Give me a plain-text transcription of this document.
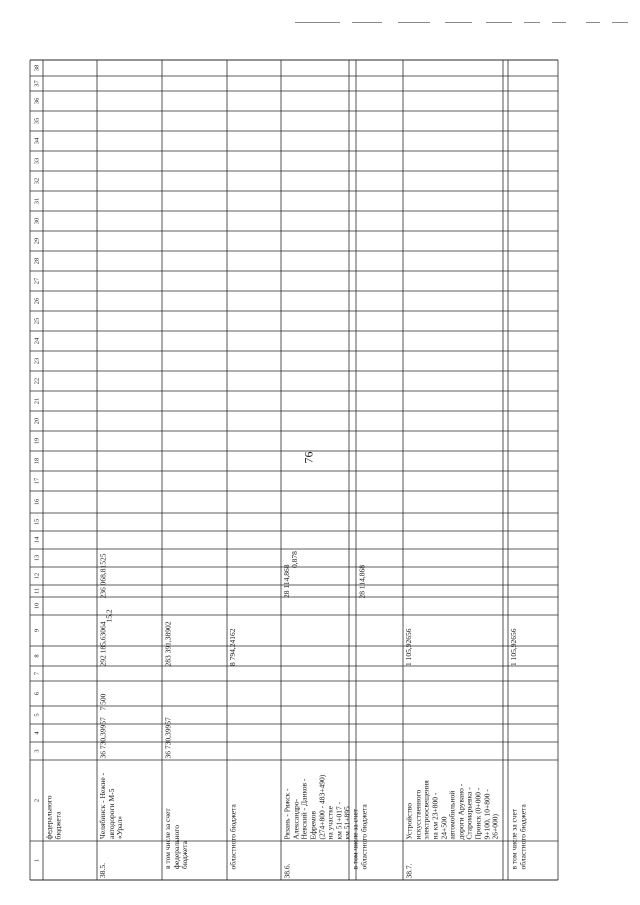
76
1
2
3
4
5
6
7
8
9
10
11
12
13
14
15
16
17
18
19
20
21
22
23
24
25
26
27
28
29
30
31
32
33
34
35
36
37
38
федерального
бюджета
38.5.
Челябинск - Нежне -
автодороги М-5
«Урал»
36 730,39957
7 500
292 185,63064
15,2
236 068,81525
в том числе за счет
федерального
бюджета
36 730,39957
283 391,38902
областного бюджета
8 794,24162
38.6.
Рязань - Ряжск -
Александро-
Невский - Данков -
Ефремов
(274+800 - 483+490)
на участке
км 51+017 -
км 51+895
28 114,868
0,878
в том числе за счет
областного бюджета
28 114,868
38.7.
Устройство
искусственного
электроосвещения
на км 23+800 -
24+500
автомобильной
дороги Арувано -
Старомарьевка -
Пронск (0+000 -
9+100, 10+800 -
26+000)
1 105,92656
в том числе за счет
областного бюджета
1 105,92656
